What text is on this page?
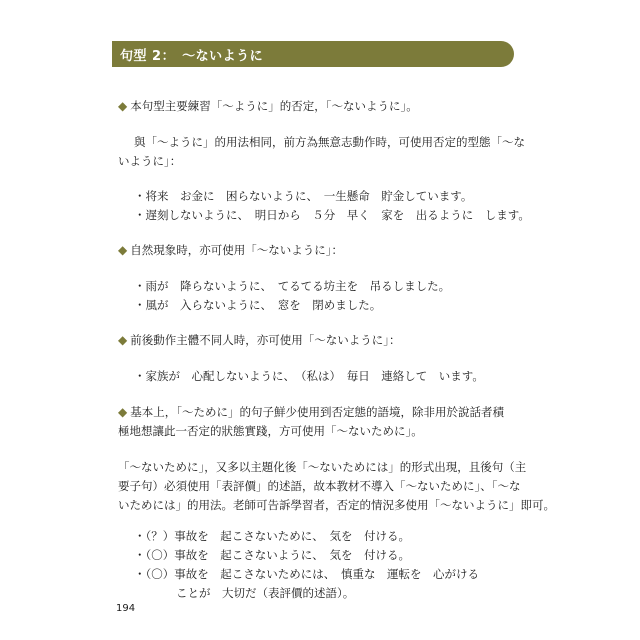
句型 2：　〜ないように
◆ 本句型主要練習「〜ように」的否定，「〜ないように」。
與「〜ように」的用法相同，前方為無意志動作時，可使用否定的型態「〜な
いように」：
・将来　お金に　困らないように、　一生懸命　貯金しています。
・遅刻しないように、　明日から　５分　早く　家を　出るように　します。
◆ 自然現象時，亦可使用「〜ないように」：
・雨が　降らないように、　てるてる坊主を　吊るしました。
・風が　入らないように、　窓を　閉めました。
◆ 前後動作主體不同人時，亦可使用「〜ないように」：
・家族が　心配しないように、　（私は）　毎日　連絡して　います。
◆ 基本上，「〜ために」的句子鮮少使用到否定態的語境，除非用於說話者積
極地想讓此一否定的狀態實踐，方可使用「〜ないために」。
「〜ないために」，又多以主題化後「〜ないためには」的形式出現，且後句（主
要子句）必須使用「表評價」的述語，故本教材不導入「〜ないために」、「〜な
いためには」的用法。老師可告訴學習者，否定的情況多使用「〜ないように」即可。
・（？）事故を　起こさないために、　気を　付ける。
・（〇）事故を　起こさないように、　気を　付ける。
・（〇）事故を　起こさないためには、　慎重な　運転を　心がける
ことが　大切だ（表評價的述語）。
194
